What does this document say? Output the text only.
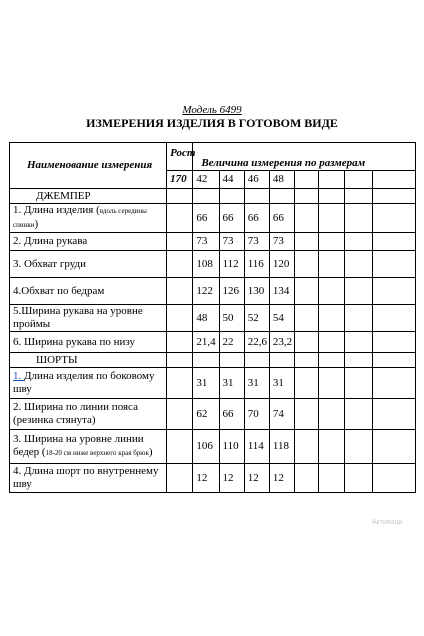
Модель 6499
ИЗМЕРЕНИЯ ИЗДЕЛИЯ В ГОТОВОМ ВИДЕ
Наименование измерения	Рост	Величина измерения по размерам							
	170	42	44	46	48				
ДЖЕМПЕР									
1. Длина изделия (вдоль середины спинки)		66	66	66	66				
2. Длина рукава		73	73	73	73				
3. Обхват груди		108	112	116	120				
4.Обхват по бедрам		122	126	130	134				
5.Ширина рукава на уровне проймы		48	50	52	54				
6. Ширина рукава по низу		21,4	22	22,6	23,2				
ШОРТЫ									
1. Длина изделия по боковому шву		31	31	31	31				
2. Ширина по линии пояса (резинка стянута)		62	66	70	74				
3. Ширина на уровне линии бедер (18-20 см ниже верхнего края брюк)		106	110	114	118				
4. Длина шорт по внутреннему шву		12	12	12	12				
Активаци
